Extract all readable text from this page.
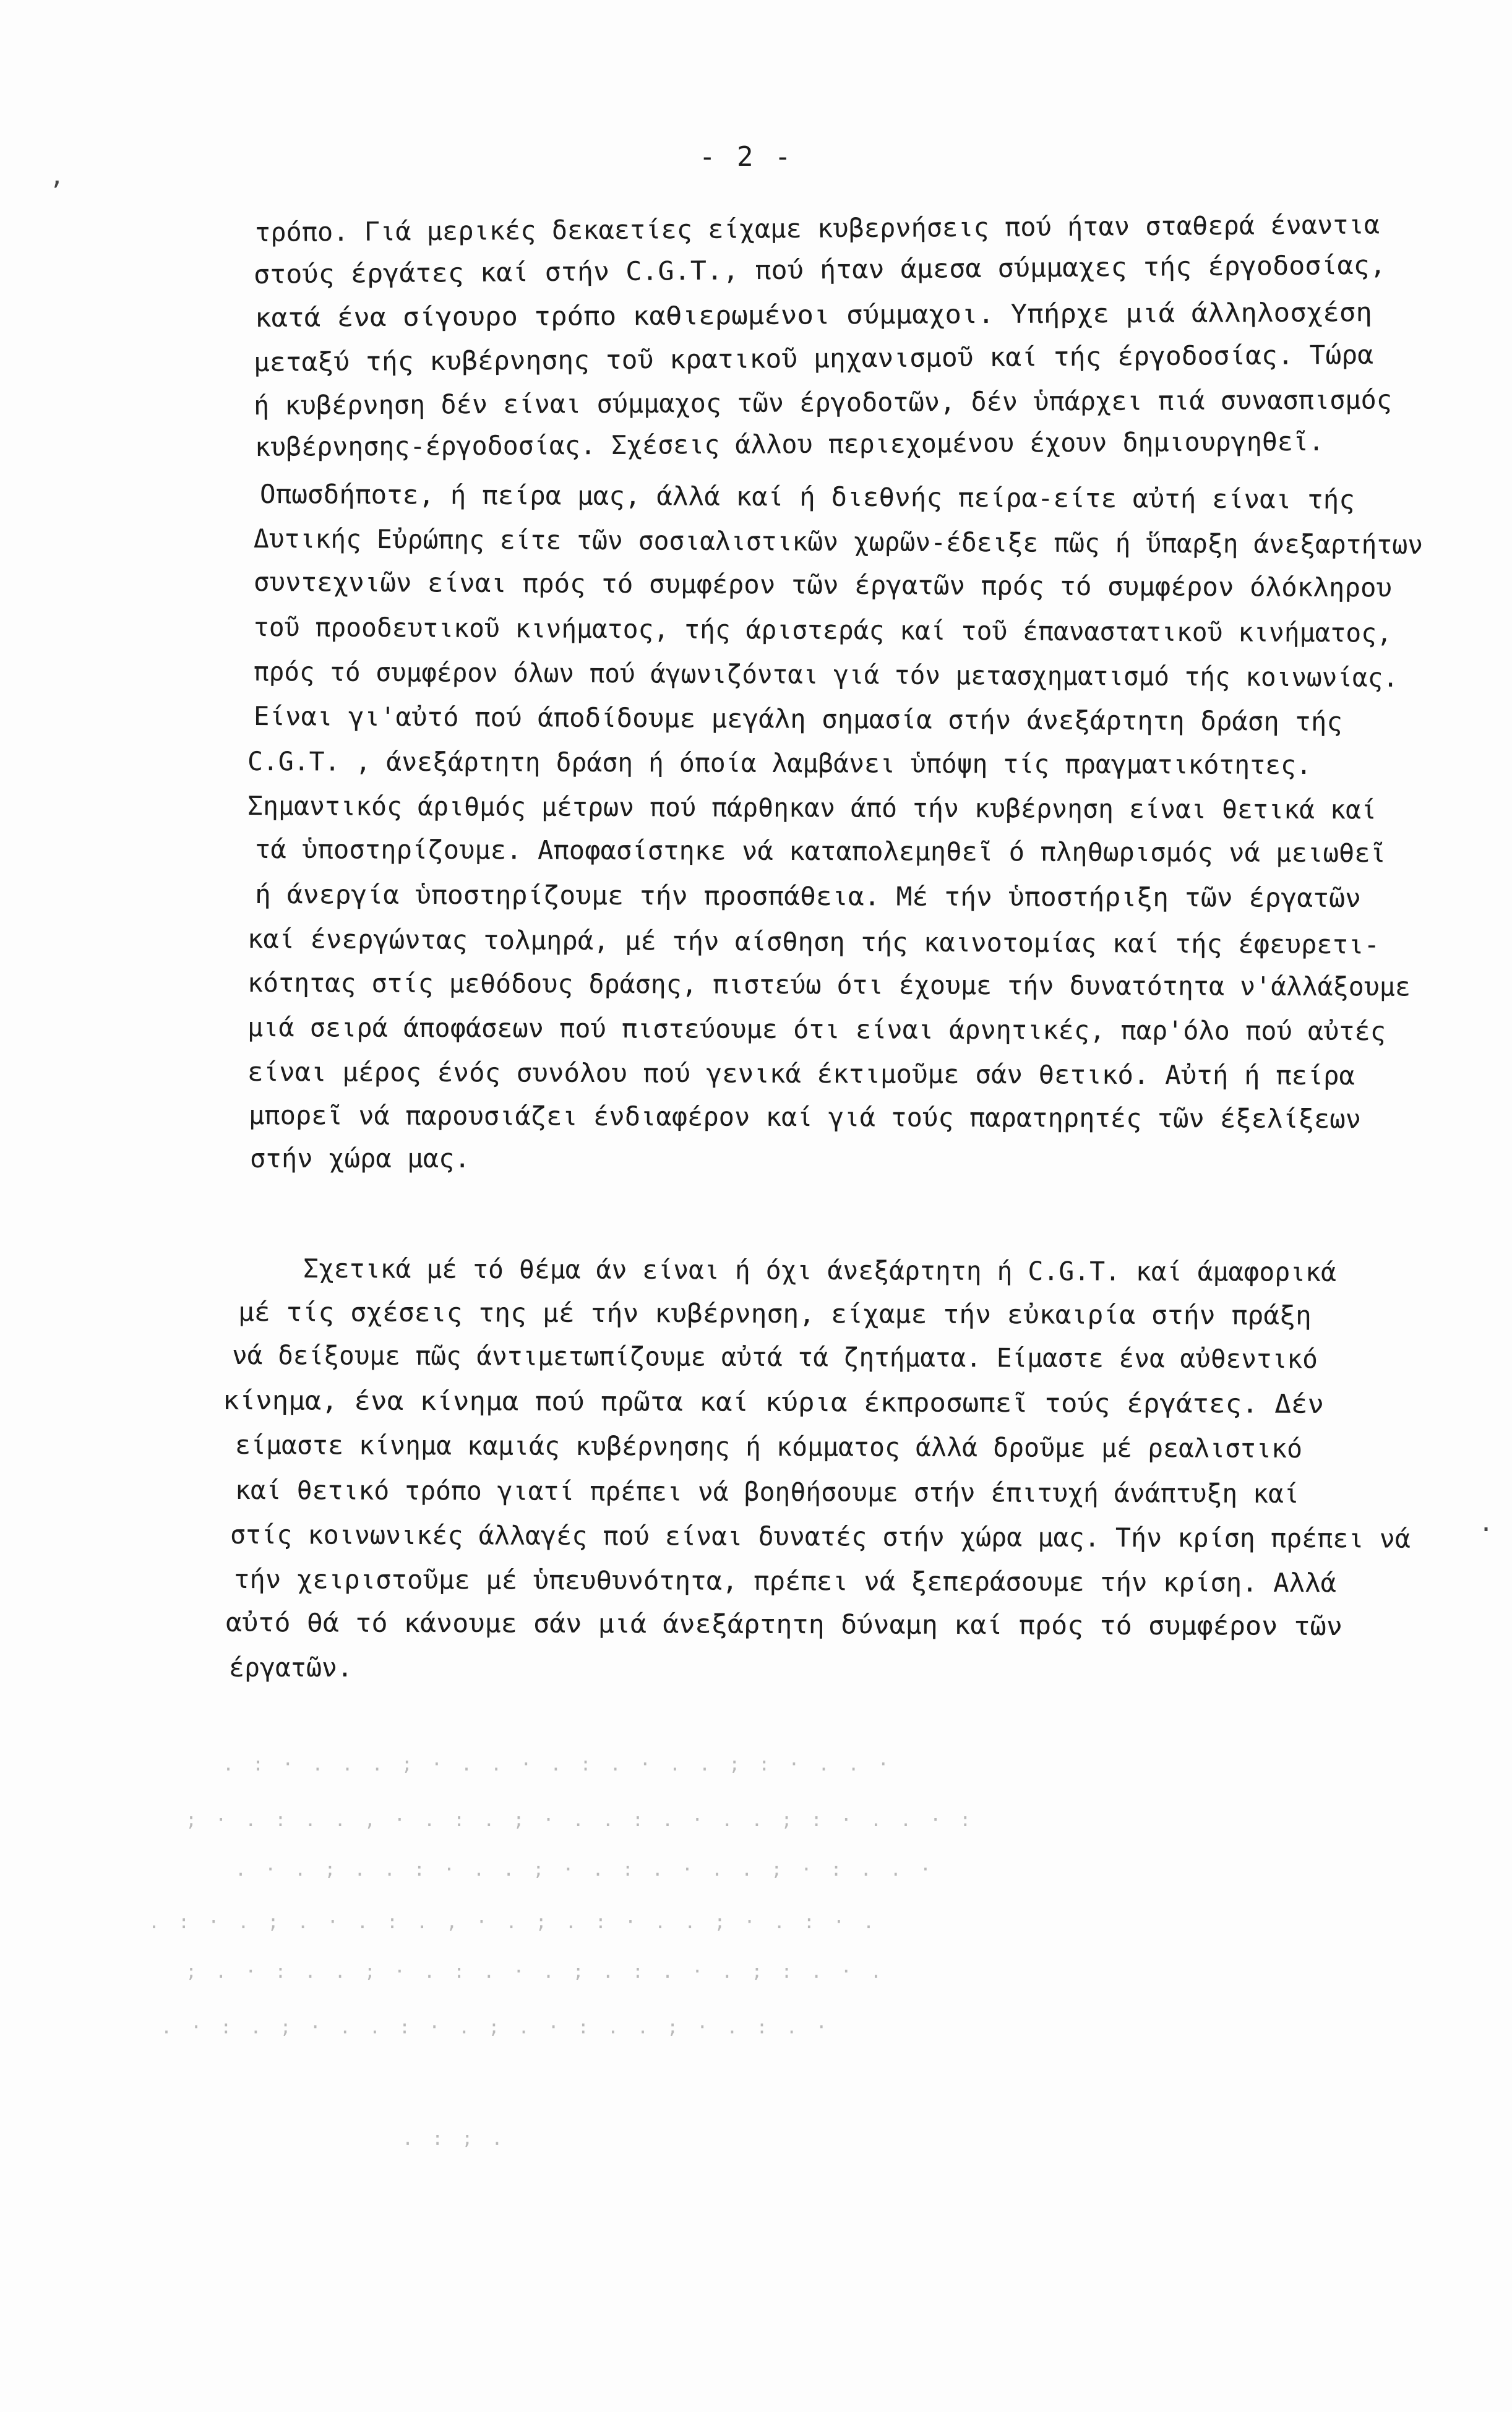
,
·
. : · . . . ; · . . · . : . · . . ; : · . . ·
; · . : . . , · . : . ; · . . : . · . . ; : · . . · :
. · . ; . . : · . . ; · . : . · . . ; · : . . ·
. : · . ; . · . : . , · . ; . : · . . ; · . : · .
; . · : . . ; · . : . · . ; . : . · . ; : . · .
. · : . ; · . . : · . ; . · : . . ; · . : . ·
. : ; .
- 2 -
τρόπο. Γιά μερικές δεκαετίες είχαμε κυβερνήσεις πού ήταν σταθερά έναντια
στούς έργάτες καί στήν C.G.T., πού ήταν άμεσα σύμμαχες τής έργοδοσίας,
κατά ένα σίγουρο τρόπο καθιερωμένοι σύμμαχοι. Υπήρχε μιά άλληλοσχέση
μεταξύ τής κυβέρνησης τοῦ κρατικοῦ μηχανισμοῦ καί τής έργοδοσίας. Τώρα
ή κυβέρνηση δέν είναι σύμμαχος τῶν έργοδοτῶν, δέν ὑπάρχει πιά συνασπισμός
κυβέρνησης-έργοδοσίας. Σχέσεις άλλου περιεχομένου έχουν δημιουργηθεῖ.
Οπωσδήποτε, ή πείρα μας, άλλά καί ή διεθνής πείρα-είτε αὐτή είναι τής
Δυτικής Εὐρώπης είτε τῶν σοσιαλιστικῶν χωρῶν-έδειξε πῶς ή ὕπαρξη άνεξαρτήτων
συντεχνιῶν είναι πρός τό συμφέρον τῶν έργατῶν πρός τό συμφέρον όλόκληρου
τοῦ προοδευτικοῦ κινήματος, τής άριστεράς καί τοῦ έπαναστατικοῦ κινήματος,
πρός τό συμφέρον όλων πού άγωνιζόνται γιά τόν μετασχηματισμό τής κοινωνίας.
Είναι γι'αὐτό πού άποδίδουμε μεγάλη σημασία στήν άνεξάρτητη δράση τής
C.G.T. , άνεξάρτητη δράση ή όποία λαμβάνει ὑπόψη τίς πραγματικότητες.
Σημαντικός άριθμός μέτρων πού πάρθηκαν άπό τήν κυβέρνηση είναι θετικά καί
τά ὑποστηρίζουμε. Αποφασίστηκε νά καταπολεμηθεῖ ό πληθωρισμός νά μειωθεῖ
ή άνεργία ὑποστηρίζουμε τήν προσπάθεια. Μέ τήν ὑποστήριξη τῶν έργατῶν
καί ένεργώντας τολμηρά, μέ τήν αίσθηση τής καινοτομίας καί τής έφευρετι-
κότητας στίς μεθόδους δράσης, πιστεύω ότι έχουμε τήν δυνατότητα ν'άλλάξουμε
μιά σειρά άποφάσεων πού πιστεύουμε ότι είναι άρνητικές, παρ'όλο πού αὐτές
είναι μέρος ένός συνόλου πού γενικά έκτιμοῦμε σάν θετικό. Αὐτή ή πείρα
μπορεῖ νά παρουσιάζει ένδιαφέρον καί γιά τούς παρατηρητές τῶν έξελίξεων
στήν χώρα μας.
Σχετικά μέ τό θέμα άν είναι ή όχι άνεξάρτητη ή C.G.T. καί άμαφορικά
μέ τίς σχέσεις της μέ τήν κυβέρνηση, είχαμε τήν εὐκαιρία στήν πράξη
νά δείξουμε πῶς άντιμετωπίζουμε αὐτά τά ζητήματα. Είμαστε ένα αὐθεντικό
κίνημα, ένα κίνημα πού πρῶτα καί κύρια έκπροσωπεῖ τούς έργάτες. Δέν
είμαστε κίνημα καμιάς κυβέρνησης ή κόμματος άλλά δροῦμε μέ ρεαλιστικό
καί θετικό τρόπο γιατί πρέπει νά βοηθήσουμε στήν έπιτυχή άνάπτυξη καί
στίς κοινωνικές άλλαγές πού είναι δυνατές στήν χώρα μας. Τήν κρίση πρέπει νά
τήν χειριστοῦμε μέ ὑπευθυνότητα, πρέπει νά ξεπεράσουμε τήν κρίση. Αλλά
αὐτό θά τό κάνουμε σάν μιά άνεξάρτητη δύναμη καί πρός τό συμφέρον τῶν
έργατῶν.
